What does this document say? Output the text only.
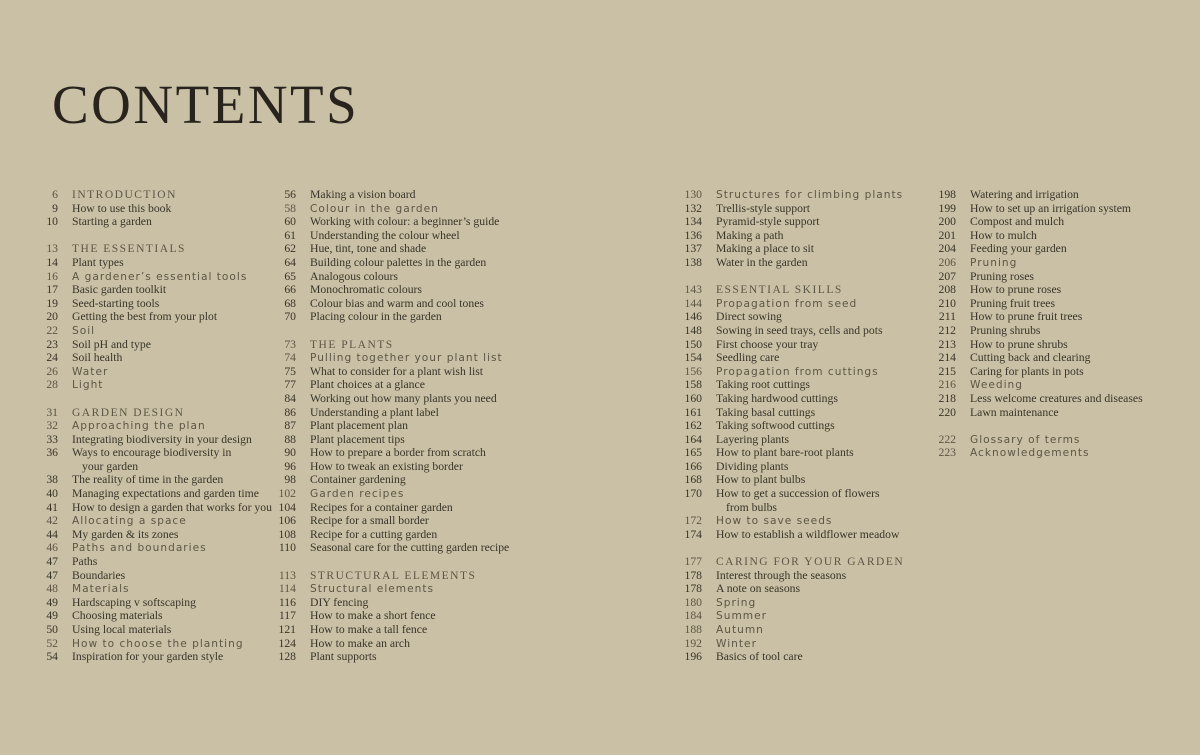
CONTENTS
6 INTRODUCTION
9 How to use this book
10 Starting a garden
13 THE ESSENTIALS
14 Plant types
16 A gardener’s essential tools
17 Basic garden toolkit
19 Seed-starting tools
20 Getting the best from your plot
22 Soil
23 Soil pH and type
24 Soil health
26 Water
28 Light
31 GARDEN DESIGN
32 Approaching the plan
33 Integrating biodiversity in your design
36 Ways to encourage biodiversity in
your garden
38 The reality of time in the garden
40 Managing expectations and garden time
41 How to design a garden that works for you
42 Allocating a space
44 My garden & its zones
46 Paths and boundaries
47 Paths
47 Boundaries
48 Materials
49 Hardscaping v softscaping
49 Choosing materials
50 Using local materials
52 How to choose the planting
54 Inspiration for your garden style
56 Making a vision board
58 Colour in the garden
60 Working with colour: a beginner’s guide
61 Understanding the colour wheel
62 Hue, tint, tone and shade
64 Building colour palettes in the garden
65 Analogous colours
66 Monochromatic colours
68 Colour bias and warm and cool tones
70 Placing colour in the garden
73 THE PLANTS
74 Pulling together your plant list
75 What to consider for a plant wish list
77 Plant choices at a glance
84 Working out how many plants you need
86 Understanding a plant label
87 Plant placement plan
88 Plant placement tips
90 How to prepare a border from scratch
96 How to tweak an existing border
98 Container gardening
102 Garden recipes
104 Recipes for a container garden
106 Recipe for a small border
108 Recipe for a cutting garden
110 Seasonal care for the cutting garden recipe
113 STRUCTURAL ELEMENTS
114 Structural elements
116 DIY fencing
117 How to make a short fence
121 How to make a tall fence
124 How to make an arch
128 Plant supports
130 Structures for climbing plants
132 Trellis-style support
134 Pyramid-style support
136 Making a path
137 Making a place to sit
138 Water in the garden
143 ESSENTIAL SKILLS
144 Propagation from seed
146 Direct sowing
148 Sowing in seed trays, cells and pots
150 First choose your tray
154 Seedling care
156 Propagation from cuttings
158 Taking root cuttings
160 Taking hardwood cuttings
161 Taking basal cuttings
162 Taking softwood cuttings
164 Layering plants
165 How to plant bare-root plants
166 Dividing plants
168 How to plant bulbs
170 How to get a succession of flowers
from bulbs
172 How to save seeds
174 How to establish a wildflower meadow
177 CARING FOR YOUR GARDEN
178 Interest through the seasons
178 A note on seasons
180 Spring
184 Summer
188 Autumn
192 Winter
196 Basics of tool care
198 Watering and irrigation
199 How to set up an irrigation system
200 Compost and mulch
201 How to mulch
204 Feeding your garden
206 Pruning
207 Pruning roses
208 How to prune roses
210 Pruning fruit trees
211 How to prune fruit trees
212 Pruning shrubs
213 How to prune shrubs
214 Cutting back and clearing
215 Caring for plants in pots
216 Weeding
218 Less welcome creatures and diseases
220 Lawn maintenance
222 Glossary of terms
223 Acknowledgements
